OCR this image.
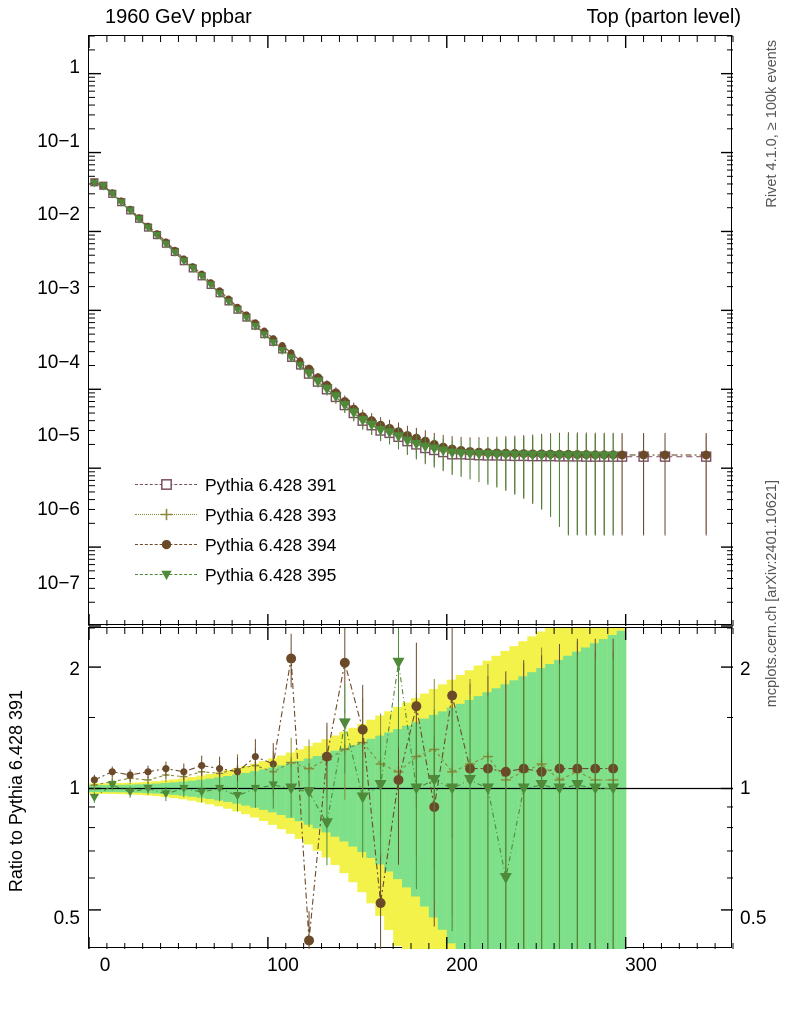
1960 GeV ppbar	Top (parton level)
Rivet 4.1.0, ≥ 100k events
mcplots.cern.ch [arXiv:2401.10621]
Ratio to Pythia 6.428 391
1
10−1
10−2
10−3
10−4
10−5
10−6
10−7
Pythia 6.428 391
Pythia 6.428 393
Pythia 6.428 394
Pythia 6.428 395
2
1
0.5
2
1
0.5
0	100	200	300
